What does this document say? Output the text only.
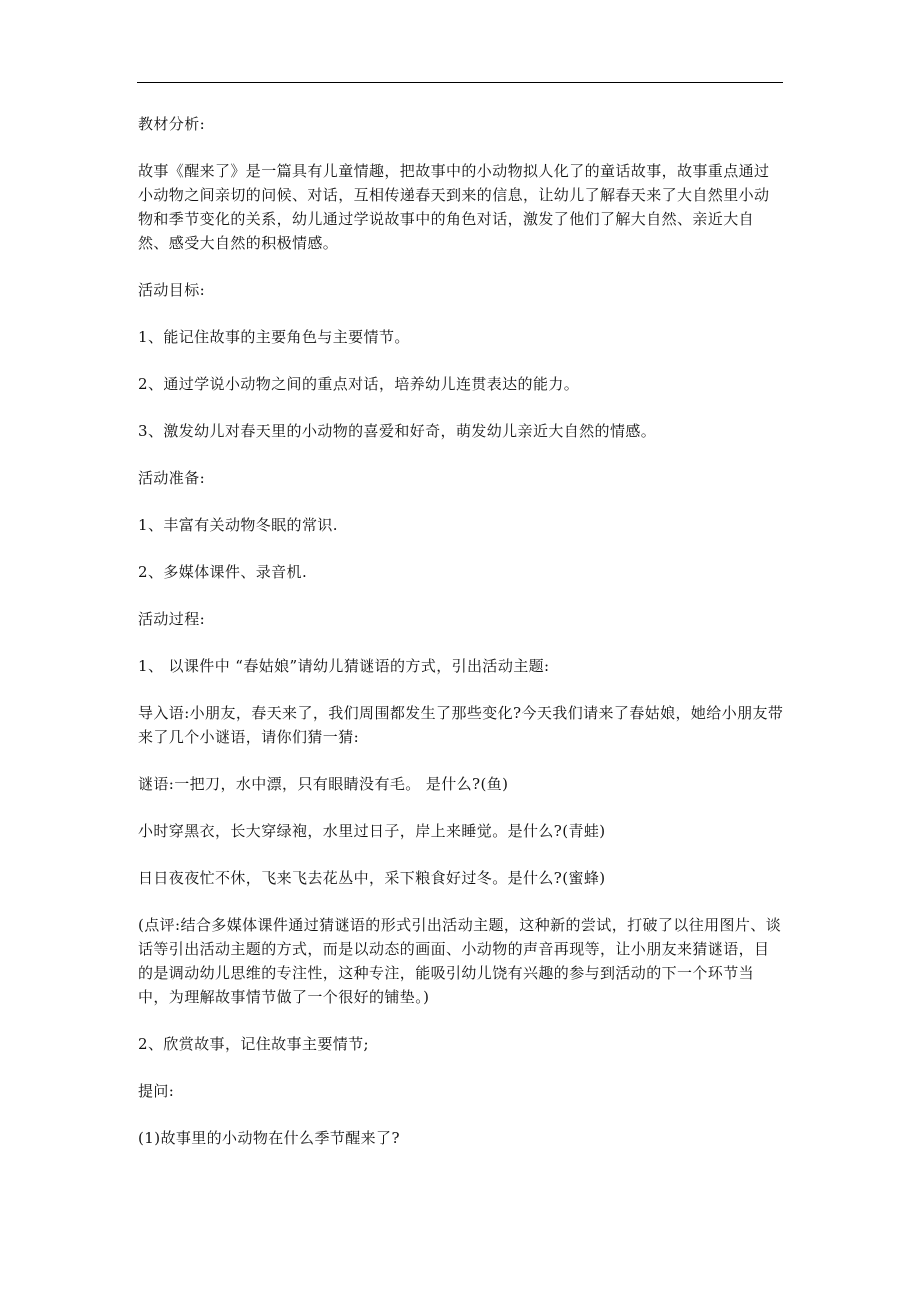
教材分析:

故事《醒来了》是一篇具有儿童情趣，把故事中的小动物拟人化了的童话故事，故事重点通过小动物之间亲切的问候、对话，互相传递春天到来的信息，让幼儿了解春天来了大自然里小动物和季节变化的关系，幼儿通过学说故事中的角色对话，激发了他们了解大自然、亲近大自然、感受大自然的积极情感。

活动目标:

1、能记住故事的主要角色与主要情节。

2、通过学说小动物之间的重点对话，培养幼儿连贯表达的能力。

3、激发幼儿对春天里的小动物的喜爱和好奇，萌发幼儿亲近大自然的情感。

活动准备:

1、丰富有关动物冬眠的常识.

2、多媒体课件、录音机.

活动过程:

1、 以课件中 “春姑娘”请幼儿猜谜语的方式，引出活动主题:

导入语:小朋友，春天来了，我们周围都发生了那些变化?今天我们请来了春姑娘，她给小朋友带来了几个小谜语，请你们猜一猜:

谜语:一把刀，水中漂，只有眼睛没有毛。 是什么?(鱼)

小时穿黑衣，长大穿绿袍，水里过日子，岸上来睡觉。是什么?(青蛙)

日日夜夜忙不休，飞来飞去花丛中，采下粮食好过冬。是什么?(蜜蜂)

(点评:结合多媒体课件通过猜谜语的形式引出活动主题，这种新的尝试，打破了以往用图片、谈话等引出活动主题的方式，而是以动态的画面、小动物的声音再现等，让小朋友来猜谜语，目的是调动幼儿思维的专注性，这种专注，能吸引幼儿饶有兴趣的参与到活动的下一个环节当中，为理解故事情节做了一个很好的铺垫。)

2、欣赏故事，记住故事主要情节;

提问:

(1)故事里的小动物在什么季节醒来了?
